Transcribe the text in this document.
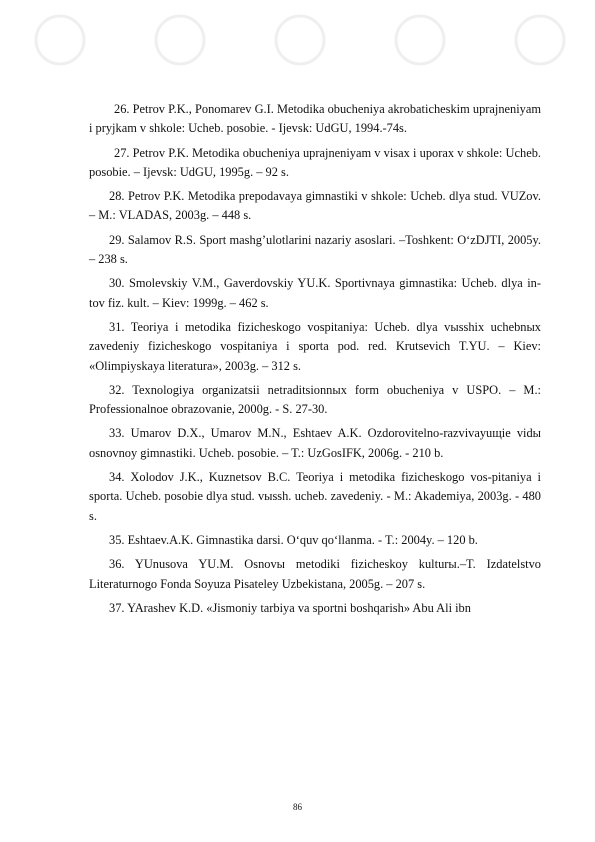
26. Petrov P.K., Ponomarev G.I. Metodika obucheniya akrobaticheskim uprajneniyam i pryjkam v shkole: Ucheb. posobie. - Ijevsk: UdGU, 1994.-74s.

27. Petrov P.K. Metodika obucheniya uprajneniyam v visax i uporax v shkole: Ucheb. posobie. – Ijevsk: UdGU, 1995g. – 92 s.

28. Petrov P.K. Metodika prepodavaya gimnastiki v shkole: Ucheb. dlya stud. VUZov. – M.: VLADAS, 2003g. – 448 s.

29. Salamov R.S. Sport mashg’ulotlarini nazariy asoslari. –Toshkent: O‘zDJTI, 2005y. – 238 s.

30. Smolevskiy V.M., Gaverdovskiy YU.K. Sportivnaya gimnastika: Ucheb. dlya in-tov fiz. kult. – Kiev: 1999g. – 462 s.

31. Teoriya i metodika fizicheskogo vospitaniya: Ucheb. dlya vыsshix uchebnыx zavedeniy fizicheskogo vospitaniya i sporta pod. red. Krutsevich T.YU. – Kiev: «Olimpiyskaya literatura», 2003g. – 312 s.

32. Texnologiya organizatsii netraditsionnыx form obucheniya v USPO. – M.: Professionalnoe obrazovanie, 2000g. - S. 27-30.

33. Umarov D.X., Umarov M.N., Eshtaev A.K. Ozdorovitelno-razvivayuщie vidы osnovnoy gimnastiki. Ucheb. posobie. – T.: UzGosIFK, 2006g. - 210 b.

34. Xolodov J.K., Kuznetsov B.C. Teoriya i metodika fizicheskogo vos-pitaniya i sporta. Ucheb. posobie dlya stud. vыssh. ucheb. zavedeniy. - M.: Akademiya, 2003g. - 480 s.

35. Eshtaev.A.K. Gimnastika darsi. O‘quv qo‘llanma. - T.: 2004y. – 120 b.

36. YUnusova YU.M. Osnovы metodiki fizicheskoy kulturы.–T. Izdatelstvo Literaturnogo Fonda Soyuza Pisateley Uzbekistana, 2005g. – 207 s.

37. YArashev K.D. «Jismoniy tarbiya va sportni boshqarish» Abu Ali ibn

86
